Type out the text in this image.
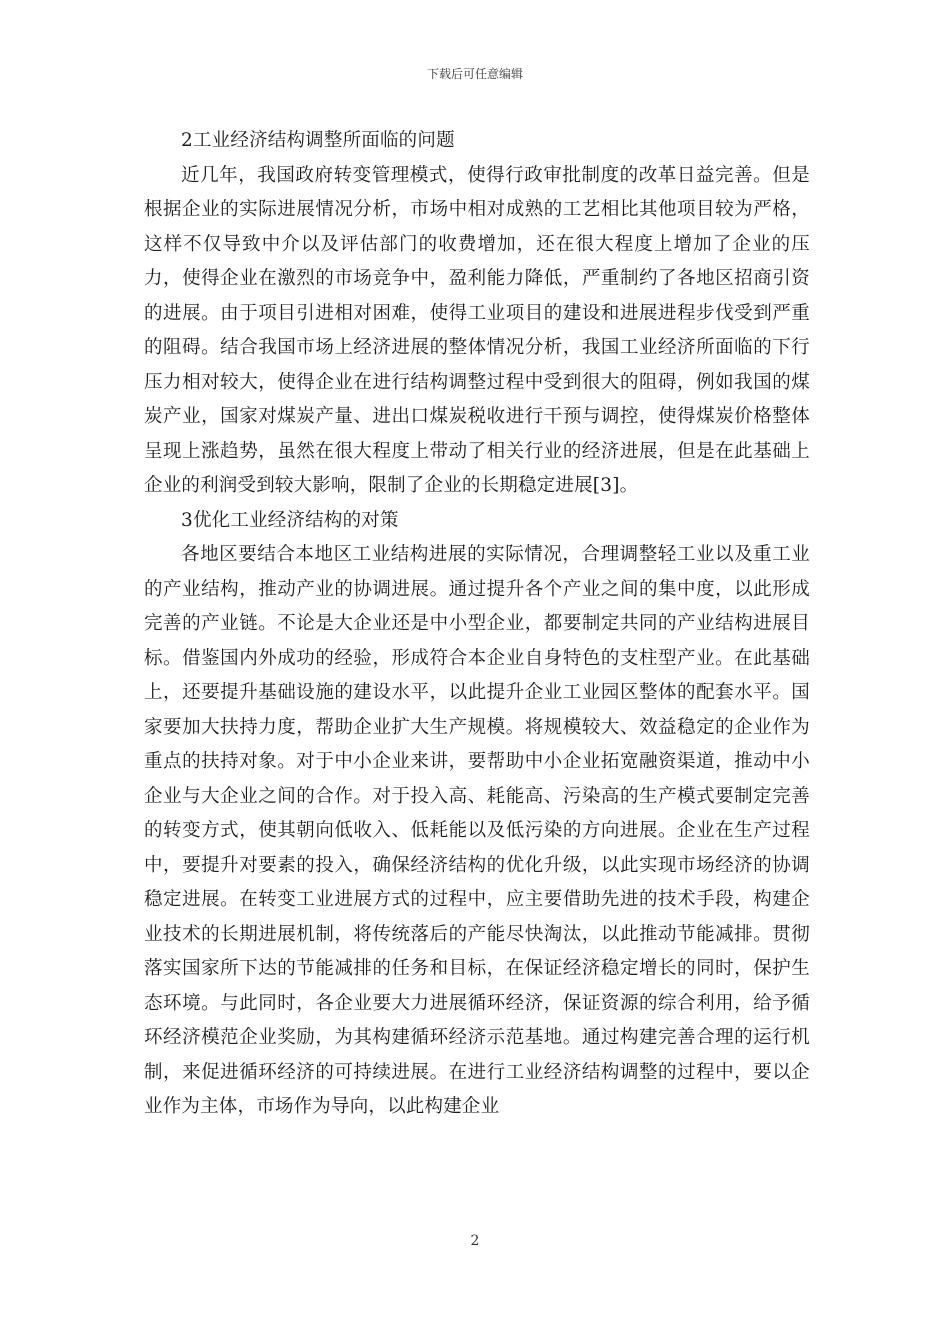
下载后可任意编辑

2工业经济结构调整所面临的问题

近几年，我国政府转变管理模式，使得行政审批制度的改革日益完善。但是根据企业的实际进展情况分析，市场中相对成熟的工艺相比其他项目较为严格，这样不仅导致中介以及评估部门的收费增加，还在很大程度上增加了企业的压力，使得企业在激烈的市场竞争中，盈利能力降低，严重制约了各地区招商引资的进展。由于项目引进相对困难，使得工业项目的建设和进展进程步伐受到严重的阻碍。结合我国市场上经济进展的整体情况分析，我国工业经济所面临的下行压力相对较大，使得企业在进行结构调整过程中受到很大的阻碍，例如我国的煤炭产业，国家对煤炭产量、进出口煤炭税收进行干预与调控，使得煤炭价格整体呈现上涨趋势，虽然在很大程度上带动了相关行业的经济进展，但是在此基础上企业的利润受到较大影响，限制了企业的长期稳定进展[3]。

3优化工业经济结构的对策

各地区要结合本地区工业结构进展的实际情况，合理调整轻工业以及重工业的产业结构，推动产业的协调进展。通过提升各个产业之间的集中度，以此形成完善的产业链。不论是大企业还是中小型企业，都要制定共同的产业结构进展目标。借鉴国内外成功的经验，形成符合本企业自身特色的支柱型产业。在此基础上，还要提升基础设施的建设水平，以此提升企业工业园区整体的配套水平。国家要加大扶持力度，帮助企业扩大生产规模。将规模较大、效益稳定的企业作为重点的扶持对象。对于中小企业来讲，要帮助中小企业拓宽融资渠道，推动中小企业与大企业之间的合作。对于投入高、耗能高、污染高的生产模式要制定完善的转变方式，使其朝向低收入、低耗能以及低污染的方向进展。企业在生产过程中，要提升对要素的投入，确保经济结构的优化升级，以此实现市场经济的协调稳定进展。在转变工业进展方式的过程中，应主要借助先进的技术手段，构建企业技术的长期进展机制，将传统落后的产能尽快淘汰，以此推动节能减排。贯彻落实国家所下达的节能减排的任务和目标，在保证经济稳定增长的同时，保护生态环境。与此同时，各企业要大力进展循环经济，保证资源的综合利用，给予循环经济模范企业奖励，为其构建循环经济示范基地。通过构建完善合理的运行机制，来促进循环经济的可持续进展。在进行工业经济结构调整的过程中，要以企业作为主体，市场作为导向，以此构建企业

2
